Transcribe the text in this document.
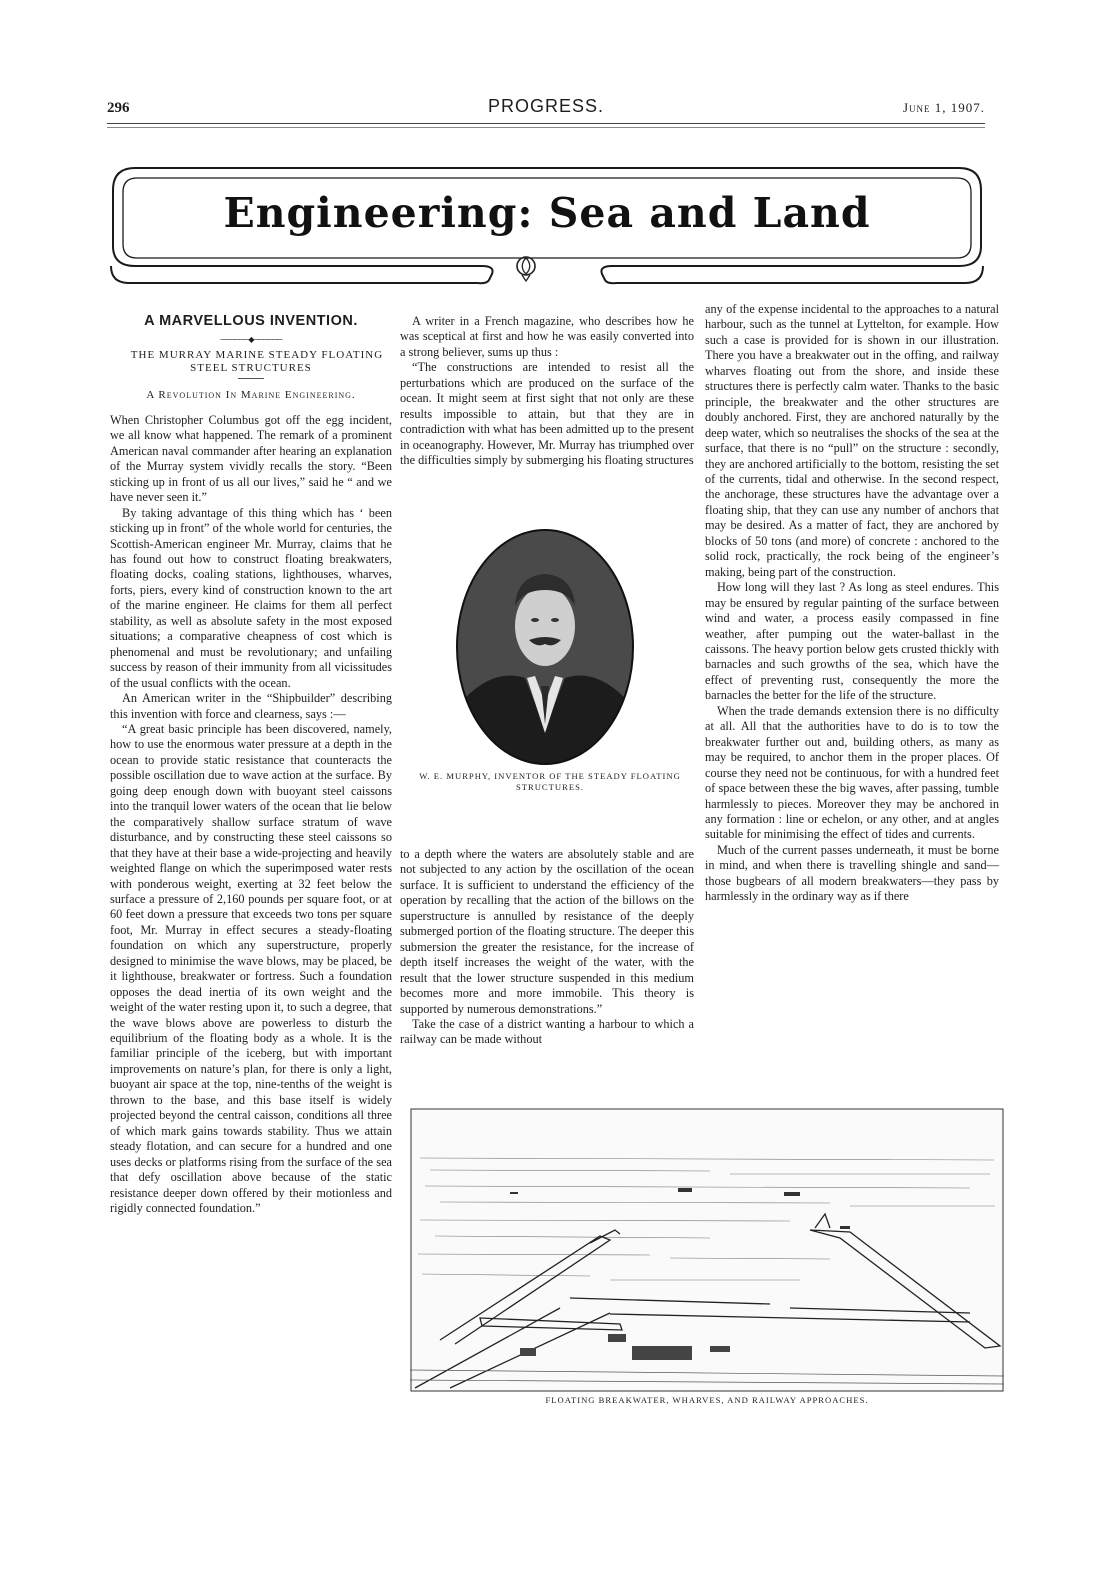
296	PROGRESS.	June 1, 1907.
Engineering: Sea and Land
A MARVELLOUS INVENTION.
──────◆──────

THE MURRAY MARINE STEADY FLOATING STEEL STRUCTURES

A Revolution In Marine Engineering.

When Christopher Columbus got off the egg incident, we all know what happened. The remark of a prominent American naval commander after hearing an explanation of the Murray system vividly recalls the story. “Been sticking up in front of us all our lives,” said he “ and we have never seen it.”

By taking advantage of this thing which has ‘ been sticking up in front” of the whole world for centuries, the Scottish-American engineer Mr. Murray, claims that he has found out how to construct floating breakwaters, floating docks, coaling stations, lighthouses, wharves, forts, piers, every kind of construction known to the art of the marine engineer. He claims for them all perfect stability, as well as absolute safety in the most exposed situations; a comparative cheapness of cost which is phenomenal and must be revolutionary; and unfailing success by reason of their immunity from all vicissitudes of the usual conflicts with the ocean.

An American writer in the “Shipbuilder” describing this invention with force and clearness, says :—

“A great basic principle has been discovered, namely, how to use the enormous water pressure at a depth in the ocean to provide static resistance that counteracts the possible oscillation due to wave action at the surface. By going deep enough down with buoyant steel caissons into the tranquil lower waters of the ocean that lie below the comparatively shallow surface stratum of wave disturbance, and by constructing these steel caissons so that they have at their base a wide-projecting and heavily weighted flange on which the superimposed water rests with ponderous weight, exerting at 32 feet below the surface a pressure of 2,160 pounds per square foot, or at 60 feet down a pressure that exceeds two tons per square foot, Mr. Murray in effect secures a steady-floating foundation on which any superstructure, properly designed to minimise the wave blows, may be placed, be it lighthouse, breakwater or fortress. Such a foundation opposes the dead inertia of its own weight and the weight of the water resting upon it, to such a degree, that the wave blows above are powerless to disturb the equilibrium of the floating body as a whole. It is the familiar principle of the iceberg, but with important improvements on nature’s plan, for there is only a light, buoyant air space at the top, nine-tenths of the weight is thrown to the base, and this base itself is widely projected beyond the central caisson, conditions all three of which mark gains towards stability. Thus we attain steady flotation, and can secure for a hundred and one uses decks or platforms rising from the surface of the sea that defy oscillation above because of the static resistance deeper down offered by their motionless and rigidly connected foundation.”

A writer in a French magazine, who describes how he was sceptical at first and how he was easily converted into a strong believer, sums up thus :

“The constructions are intended to resist all the perturbations which are produced on the surface of the ocean. It might seem at first sight that not only are these results impossible to attain, but that they are in contradiction with what has been admitted up to the present in oceanography. However, Mr. Murray has triumphed over the difficulties simply by submerging his floating structures

W. E. MURPHY, INVENTOR OF THE STEADY FLOATING STRUCTURES.

to a depth where the waters are absolutely stable and are not subjected to any action by the oscillation of the ocean surface. It is sufficient to understand the efficiency of the operation by recalling that the action of the billows on the superstructure is annulled by resistance of the deeply submerged portion of the floating structure. The deeper this submersion the greater the resistance, for the increase of depth itself increases the weight of the water, with the result that the lower structure suspended in this medium becomes more and more immobile. This theory is supported by numerous demonstrations.”

Take the case of a district wanting a harbour to which a railway can be made without

any of the expense incidental to the approaches to a natural harbour, such as the tunnel at Lyttelton, for example. How such a case is provided for is shown in our illustration. There you have a breakwater out in the offing, and railway wharves floating out from the shore, and inside these structures there is perfectly calm water. Thanks to the basic principle, the breakwater and the other structures are doubly anchored. First, they are anchored naturally by the deep water, which so neutralises the shocks of the sea at the surface, that there is no “pull” on the structure : secondly, they are anchored artificially to the bottom, resisting the set of the currents, tidal and otherwise. In the second respect, the anchorage, these structures have the advantage over a floating ship, that they can use any number of anchors that may be desired. As a matter of fact, they are anchored by blocks of 50 tons (and more) of concrete : anchored to the solid rock, practically, the rock being of the engineer’s making, being part of the construction.

How long will they last ? As long as steel endures. This may be ensured by regular painting of the surface between wind and water, a process easily compassed in fine weather, after pumping out the water-ballast in the caissons. The heavy portion below gets crusted thickly with barnacles and such growths of the sea, which have the effect of preventing rust, consequently the more the barnacles the better for the life of the structure.

When the trade demands extension there is no difficulty at all. All that the authorities have to do is to tow the breakwater further out and, building others, as many as may be required, to anchor them in the proper places. Of course they need not be continuous, for with a hundred feet of space between these the big waves, after passing, tumble harmlessly to pieces. Moreover they may be anchored in any formation : line or echelon, or any other, and at angles suitable for minimising the effect of tides and currents.

Much of the current passes underneath, it must be borne in mind, and when there is travelling shingle and sand—those bugbears of all modern breakwaters—they pass by harmlessly in the ordinary way as if there

FLOATING BREAKWATER, WHARVES, AND RAILWAY APPROACHES.
